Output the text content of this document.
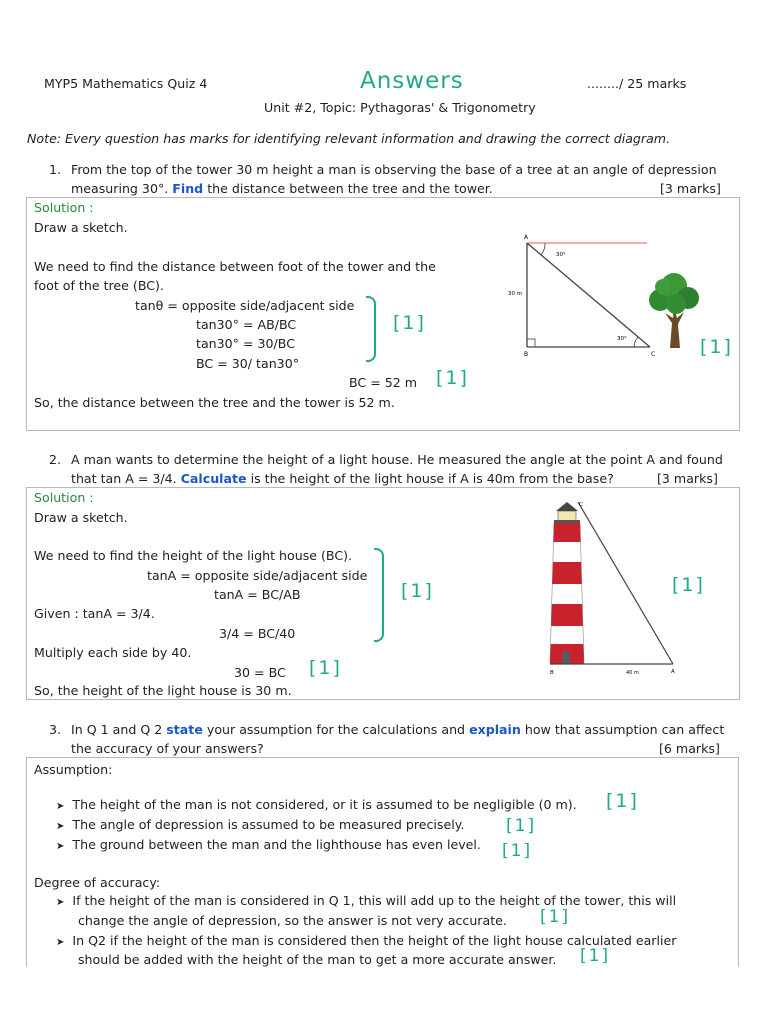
MYP5 Mathematics Quiz 4	Answers	......../ 25 marks
Unit #2, Topic: Pythagoras' & Trigonometry
Note: Every question has marks for identifying relevant information and drawing the correct diagram.
1. From the top of the tower 30 m height a man is observing the base of a tree at an angle of depression
measuring 30°. Find the distance between the tree and the tower.	[3 marks]
Solution :
Draw a sketch.
We need to find the distance between foot of the tower and the
foot of the tree (BC).
tanθ = opposite side/adjacent side
tan30° = AB/BC
tan30° = 30/BC
BC = 30/ tan30°
BC = 52 m
So, the distance between the tree and the tower is 52 m.
[1]
[1]
[1]
A
B	C
30 m
30°
30°
2. A man wants to determine the height of a light house. He measured the angle at the point A and found
that tan A = 3/4. Calculate is the height of the light house if A is 40m from the base?	[3 marks]
Solution :
Draw a sketch.
We need to find the height of the light house (BC).
tanA = opposite side/adjacent side
tanA = BC/AB
Given : tanA = 3/4.
3/4 = BC/40
Multiply each side by 40.
30 = BC
So, the height of the light house is 30 m.
[1]
[1]
[1]
C
B	A
40 m
3. In Q 1 and Q 2 state your assumption for the calculations and explain how that assumption can affect
the accuracy of your answers?	[6 marks]
Assumption:
➤ The height of the man is not considered, or it is assumed to be negligible (0 m).
➤ The angle of depression is assumed to be measured precisely.
➤ The ground between the man and the lighthouse has even level.
[1]
[1]
[1]
Degree of accuracy:
➤ If the height of the man is considered in Q 1, this will add up to the height of the tower, this will
change the angle of depression, so the answer is not very accurate.
➤ In Q2 if the height of the man is considered then the height of the light house calculated earlier
should be added with the height of the man to get a more accurate answer.
[1]
[1]
